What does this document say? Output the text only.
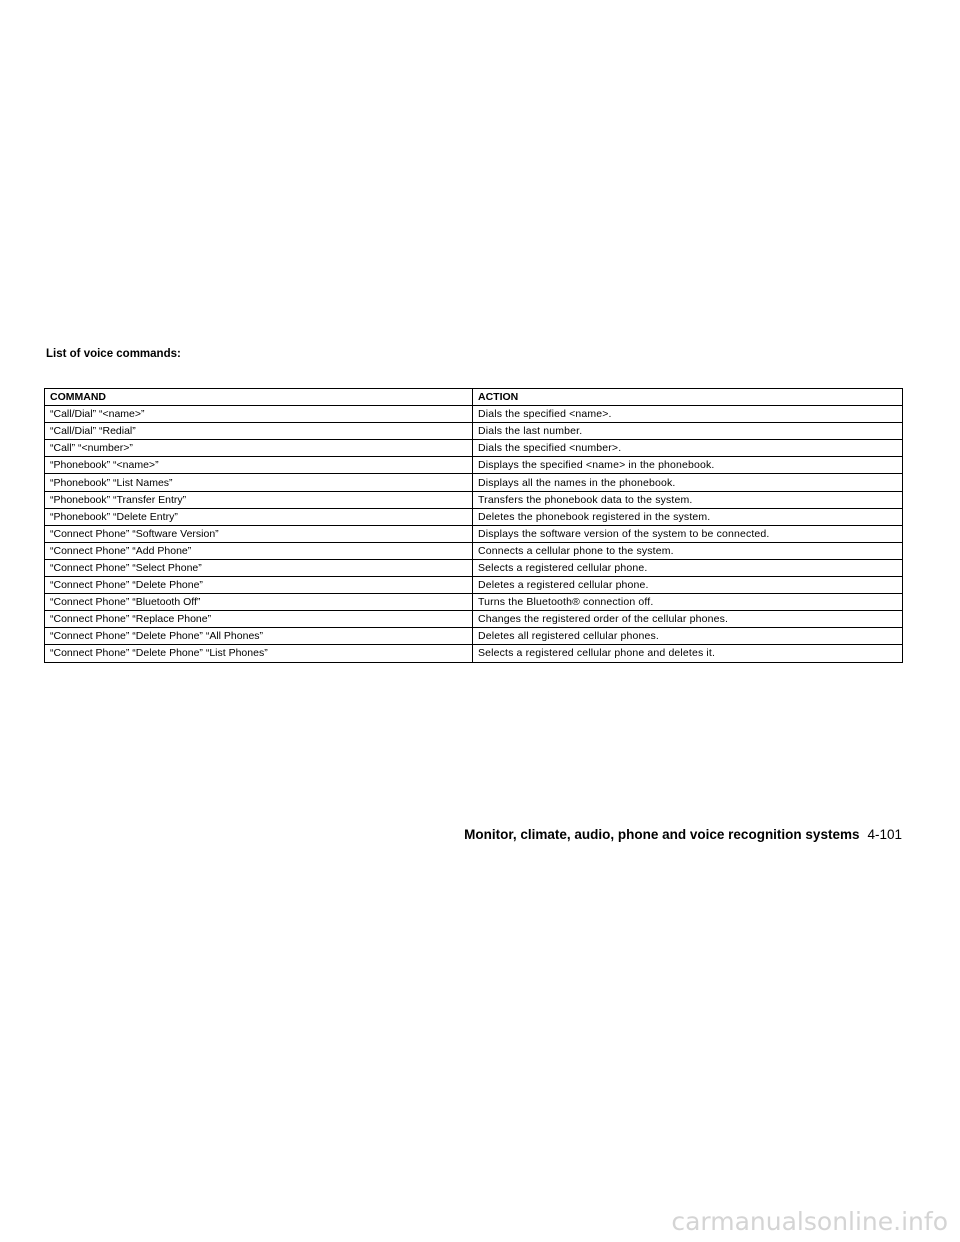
List of voice commands:
COMMAND	ACTION
“Call/Dial” “<name>”	Dials the specified <name>.
“Call/Dial” “Redial”	Dials the last number.
“Call” “<number>”	Dials the specified <number>.
“Phonebook” “<name>”	Displays the specified <name> in the phonebook.
“Phonebook” “List Names”	Displays all the names in the phonebook.
“Phonebook” “Transfer Entry”	Transfers the phonebook data to the system.
“Phonebook” “Delete Entry”	Deletes the phonebook registered in the system.
“Connect Phone” “Software Version”	Displays the software version of the system to be connected.
“Connect Phone” “Add Phone”	Connects a cellular phone to the system.
“Connect Phone” “Select Phone”	Selects a registered cellular phone.
“Connect Phone” “Delete Phone”	Deletes a registered cellular phone.
“Connect Phone” “Bluetooth Off”	Turns the Bluetooth® connection off.
“Connect Phone” “Replace Phone”	Changes the registered order of the cellular phones.
“Connect Phone” “Delete Phone” “All Phones”	Deletes all registered cellular phones.
“Connect Phone” “Delete Phone” “List Phones”	Selects a registered cellular phone and deletes it.
Monitor, climate, audio, phone and voice recognition systems 4-101
carmanualsonline.info
